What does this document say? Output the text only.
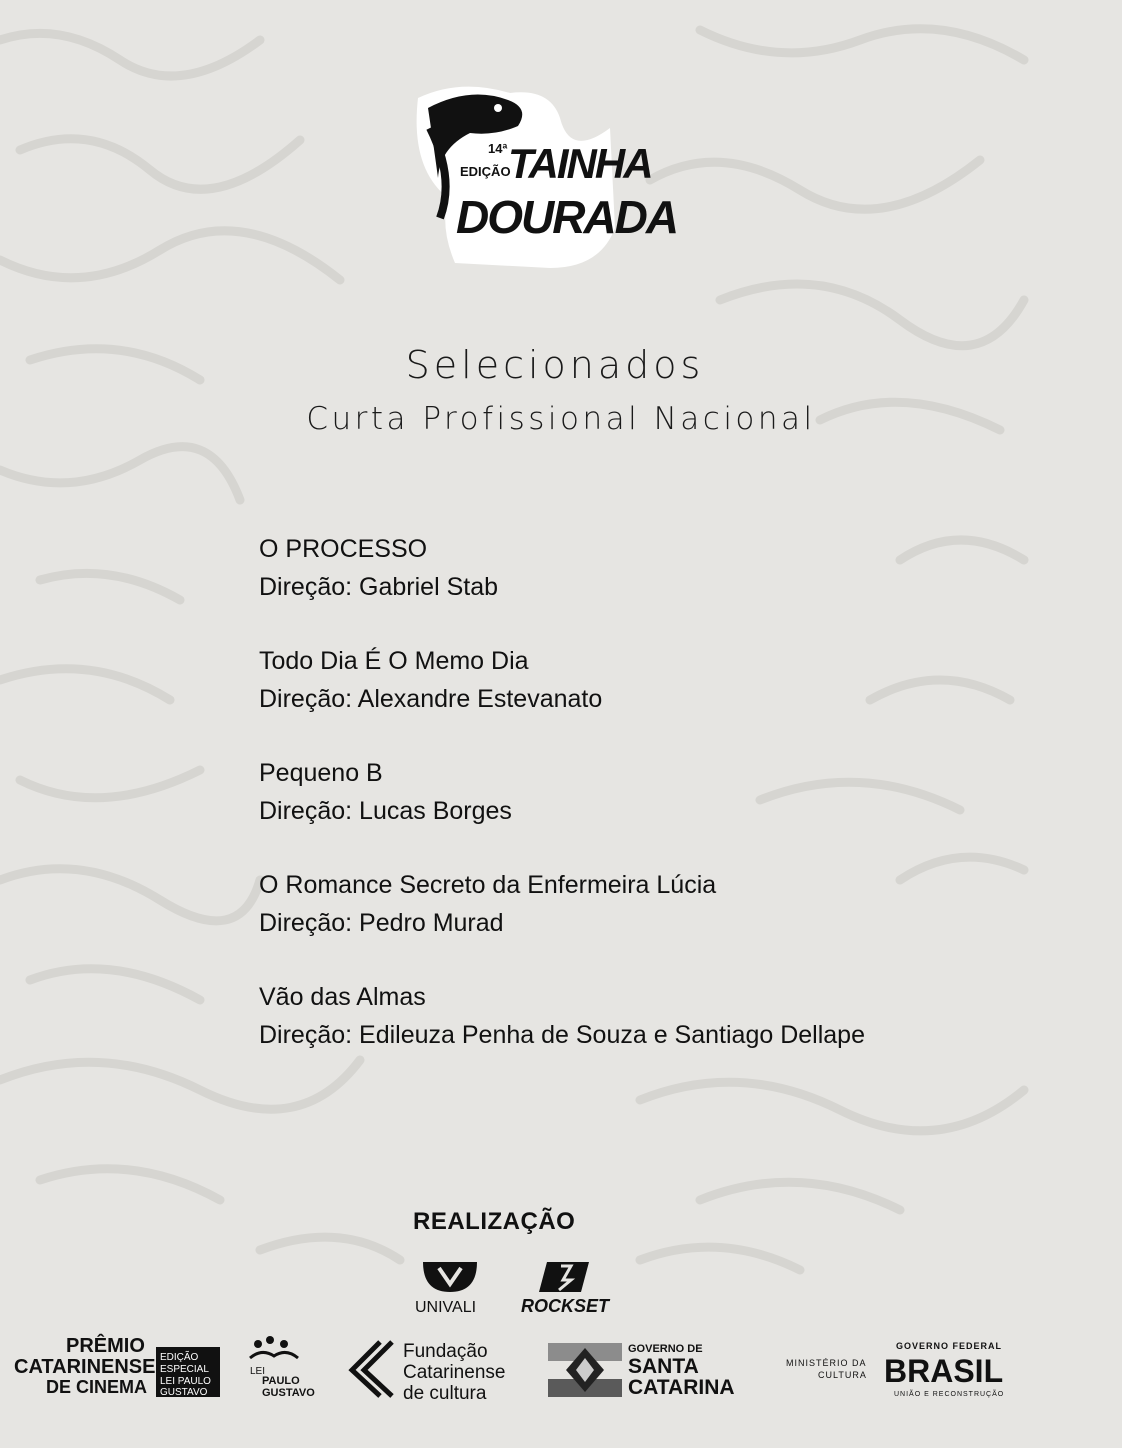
14ª
EDIÇÃO
TAINHA
DOURADA
Selecionados
Curta Profissional Nacional
O PROCESSO
Direção: Gabriel Stab
Todo Dia É O Memo Dia
Direção: Alexandre Estevanato
Pequeno B
Direção: Lucas Borges
O Romance Secreto da Enfermeira Lúcia
Direção: Pedro Murad
Vão das Almas
Direção: Edileuza Penha de Souza e Santiago Dellape
REALIZAÇÃO
UNIVALI ROCKSET
PRÊMIO
CATARINENSE
DE CINEMA
EDIÇÃO
ESPECIAL
LEI PAULO
GUSTAVO
LEI
PAULO
GUSTAVO
Fundação
Catarinense
de cultura
GOVERNO DE
SANTA
CATARINA
MINISTÉRIO DA
CULTURA
GOVERNO FEDERAL
BRASIL
UNIÃO E RECONSTRUÇÃO
